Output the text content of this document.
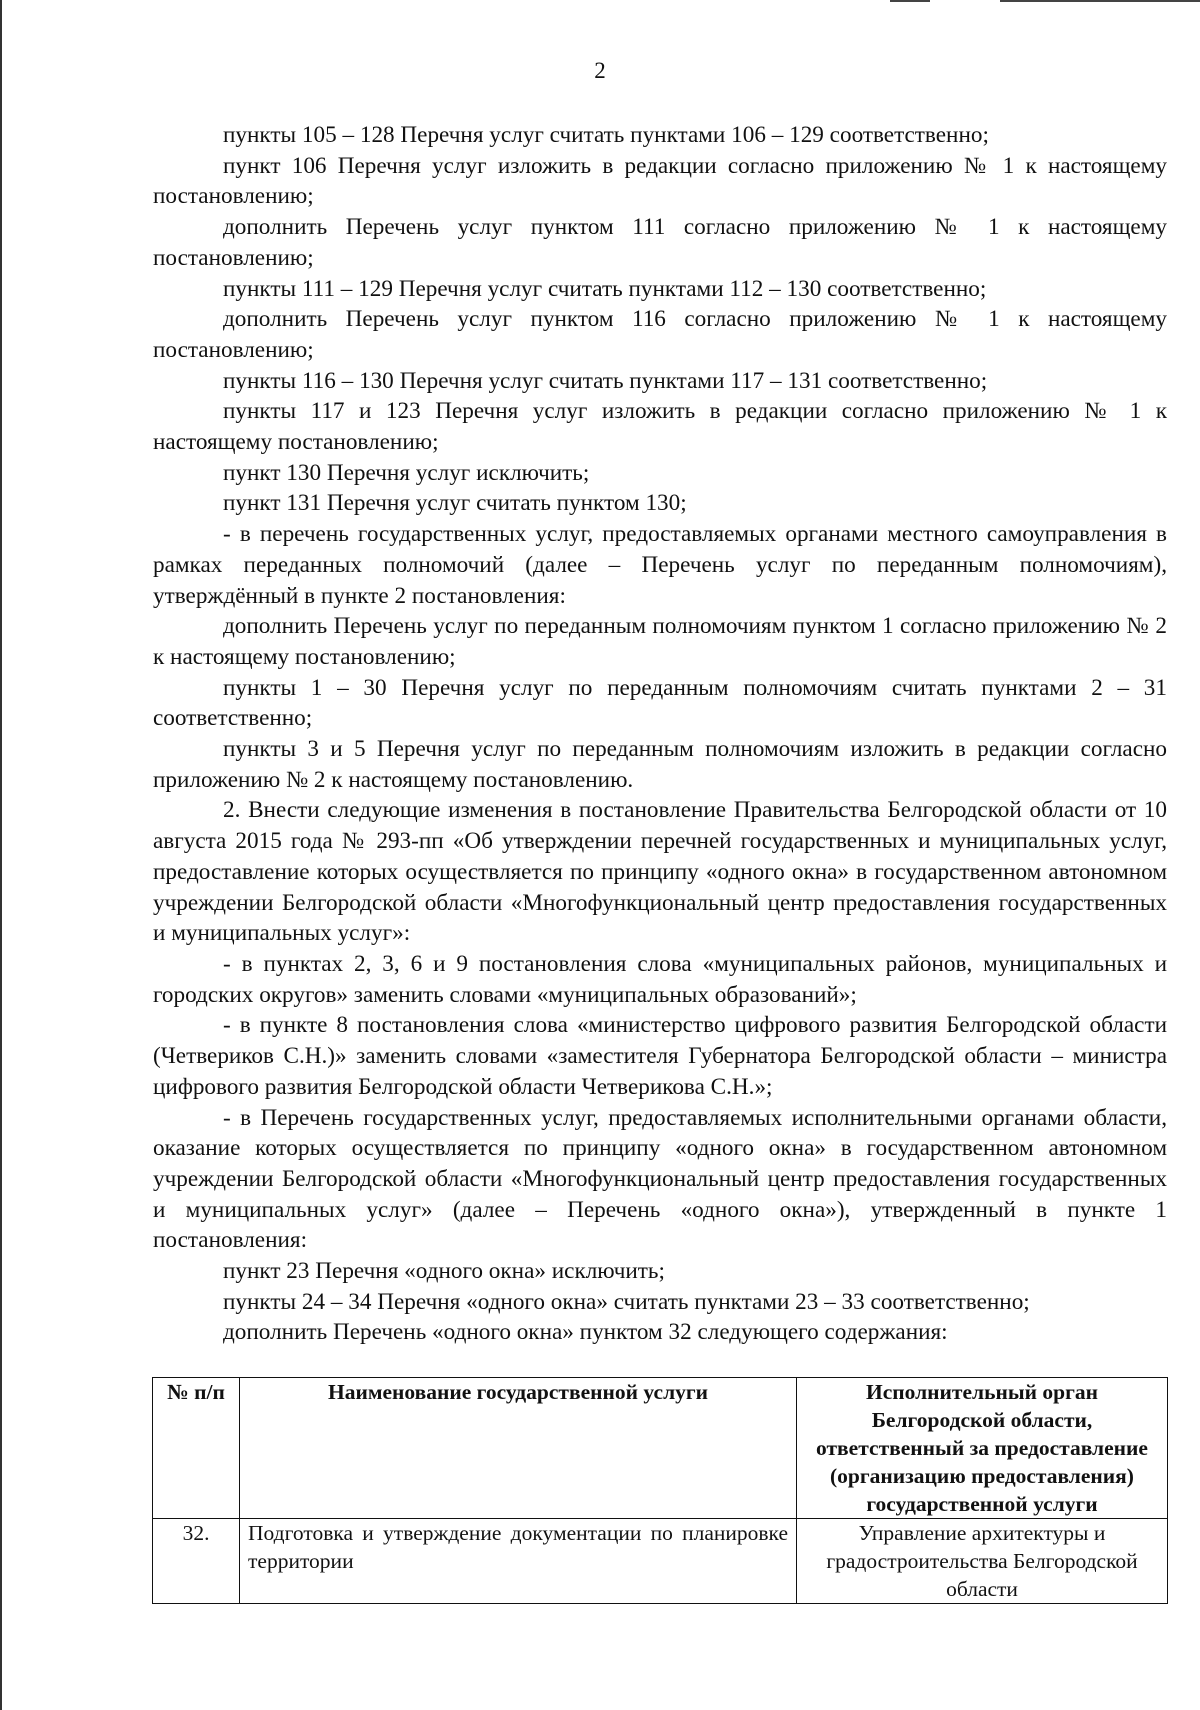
2

пункты 105 – 128 Перечня услуг считать пунктами 106 – 129 соответственно;

пункт 106 Перечня услуг изложить в редакции согласно приложению № 1 к настоящему постановлению;

дополнить Перечень услуг пунктом 111 согласно приложению № 1 к настоящему постановлению;

пункты 111 – 129 Перечня услуг считать пунктами 112 – 130 соответственно;

дополнить Перечень услуг пунктом 116 согласно приложению № 1 к настоящему постановлению;

пункты 116 – 130 Перечня услуг считать пунктами 117 – 131 соответственно;

пункты 117 и 123 Перечня услуг изложить в редакции согласно приложению № 1 к настоящему постановлению;

пункт 130 Перечня услуг исключить;

пункт 131 Перечня услуг считать пунктом 130;

- в перечень государственных услуг, предоставляемых органами местного самоуправления в рамках переданных полномочий (далее – Перечень услуг по переданным полномочиям), утверждённый в пункте 2 постановления:

дополнить Перечень услуг по переданным полномочиям пунктом 1 согласно приложению № 2 к настоящему постановлению;

пункты 1 – 30 Перечня услуг по переданным полномочиям считать пунктами 2 – 31 соответственно;

пункты 3 и 5 Перечня услуг по переданным полномочиям изложить в редакции согласно приложению № 2 к настоящему постановлению.

2. Внести следующие изменения в постановление Правительства Белгородской области от 10 августа 2015 года № 293-пп «Об утверждении перечней государственных и муниципальных услуг, предоставление которых осуществляется по принципу «одного окна» в государственном автономном учреждении Белгородской области «Многофункциональный центр предоставления государственных и муниципальных услуг»:

- в пунктах 2, 3, 6 и 9 постановления слова «муниципальных районов, муниципальных и городских округов» заменить словами «муниципальных образований»;

- в пункте 8 постановления слова «министерство цифрового развития Белгородской области (Четвериков С.Н.)» заменить словами «заместителя Губернатора Белгородской области – министра цифрового развития Белгородской области Четверикова С.Н.»;

- в Перечень государственных услуг, предоставляемых исполнительными органами области, оказание которых осуществляется по принципу «одного окна» в государственном автономном учреждении Белгородской области «Многофункциональный центр предоставления государственных и муниципальных услуг» (далее – Перечень «одного окна»), утвержденный в пункте 1 постановления:

пункт 23 Перечня «одного окна» исключить;

пункты 24 – 34 Перечня «одного окна» считать пунктами 23 – 33 соответственно;

дополнить Перечень «одного окна» пунктом 32 следующего содержания:

№ п/п	Наименование государственной услуги	Исполнительный орган Белгородской области, ответственный за предоставление (организацию предоставления) государственной услуги
32.	Подготовка и утверждение документации по планировке территории	Управление архитектуры и градостроительства Белгородской области
